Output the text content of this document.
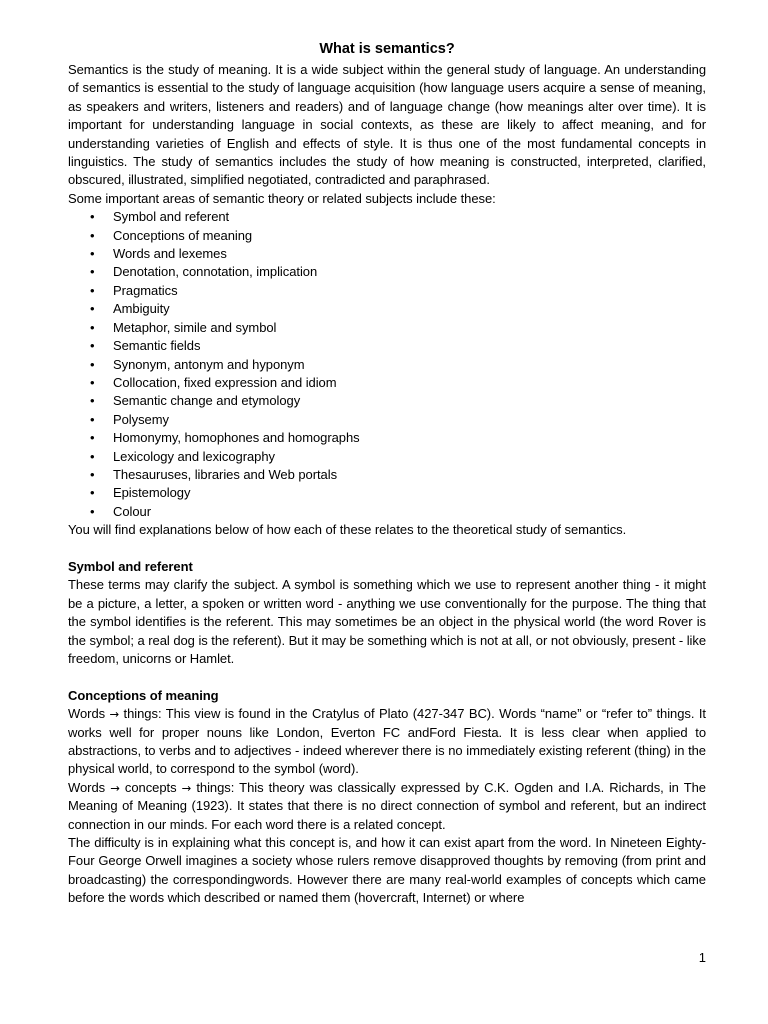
What is semantics?

Semantics is the study of meaning. It is a wide subject within the general study of language. An understanding of semantics is essential to the study of language acquisition (how language users acquire a sense of meaning, as speakers and writers, listeners and readers) and of language change (how meanings alter over time). It is important for understanding language in social contexts, as these are likely to affect meaning, and for understanding varieties of English and effects of style. It is thus one of the most fundamental concepts in linguistics. The study of semantics includes the study of how meaning is constructed, interpreted, clarified, obscured, illustrated, simplified negotiated, contradicted and paraphrased.

Some important areas of semantic theory or related subjects include these:

• Symbol and referent
• Conceptions of meaning
• Words and lexemes
• Denotation, connotation, implication
• Pragmatics
• Ambiguity
• Metaphor, simile and symbol
• Semantic fields
• Synonym, antonym and hyponym
• Collocation, fixed expression and idiom
• Semantic change and etymology
• Polysemy
• Homonymy, homophones and homographs
• Lexicology and lexicography
• Thesauruses, libraries and Web portals
• Epistemology
• Colour

You will find explanations below of how each of these relates to the theoretical study of semantics.

Symbol and referent

These terms may clarify the subject. A symbol is something which we use to represent another thing - it might be a picture, a letter, a spoken or written word - anything we use conventionally for the purpose. The thing that the symbol identifies is the referent. This may sometimes be an object in the physical world (the word Rover is the symbol; a real dog is the referent). But it may be something which is not at all, or not obviously, present - like freedom, unicorns or Hamlet.

Conceptions of meaning

Words → things: This view is found in the Cratylus of Plato (427-347 BC). Words “name” or “refer to” things. It works well for proper nouns like London, Everton FC andFord Fiesta. It is less clear when applied to abstractions, to verbs and to adjectives - indeed wherever there is no immediately existing referent (thing) in the physical world, to correspond to the symbol (word).

Words → concepts → things: This theory was classically expressed by C.K. Ogden and I.A. Richards, in The Meaning of Meaning (1923). It states that there is no direct connection of symbol and referent, but an indirect connection in our minds. For each word there is a related concept.

The difficulty is in explaining what this concept is, and how it can exist apart from the word. In Nineteen Eighty-Four George Orwell imagines a society whose rulers remove disapproved thoughts by removing (from print and broadcasting) the correspondingwords. However there are many real-world examples of concepts which came before the words which described or named them (hovercraft, Internet) or where

1
